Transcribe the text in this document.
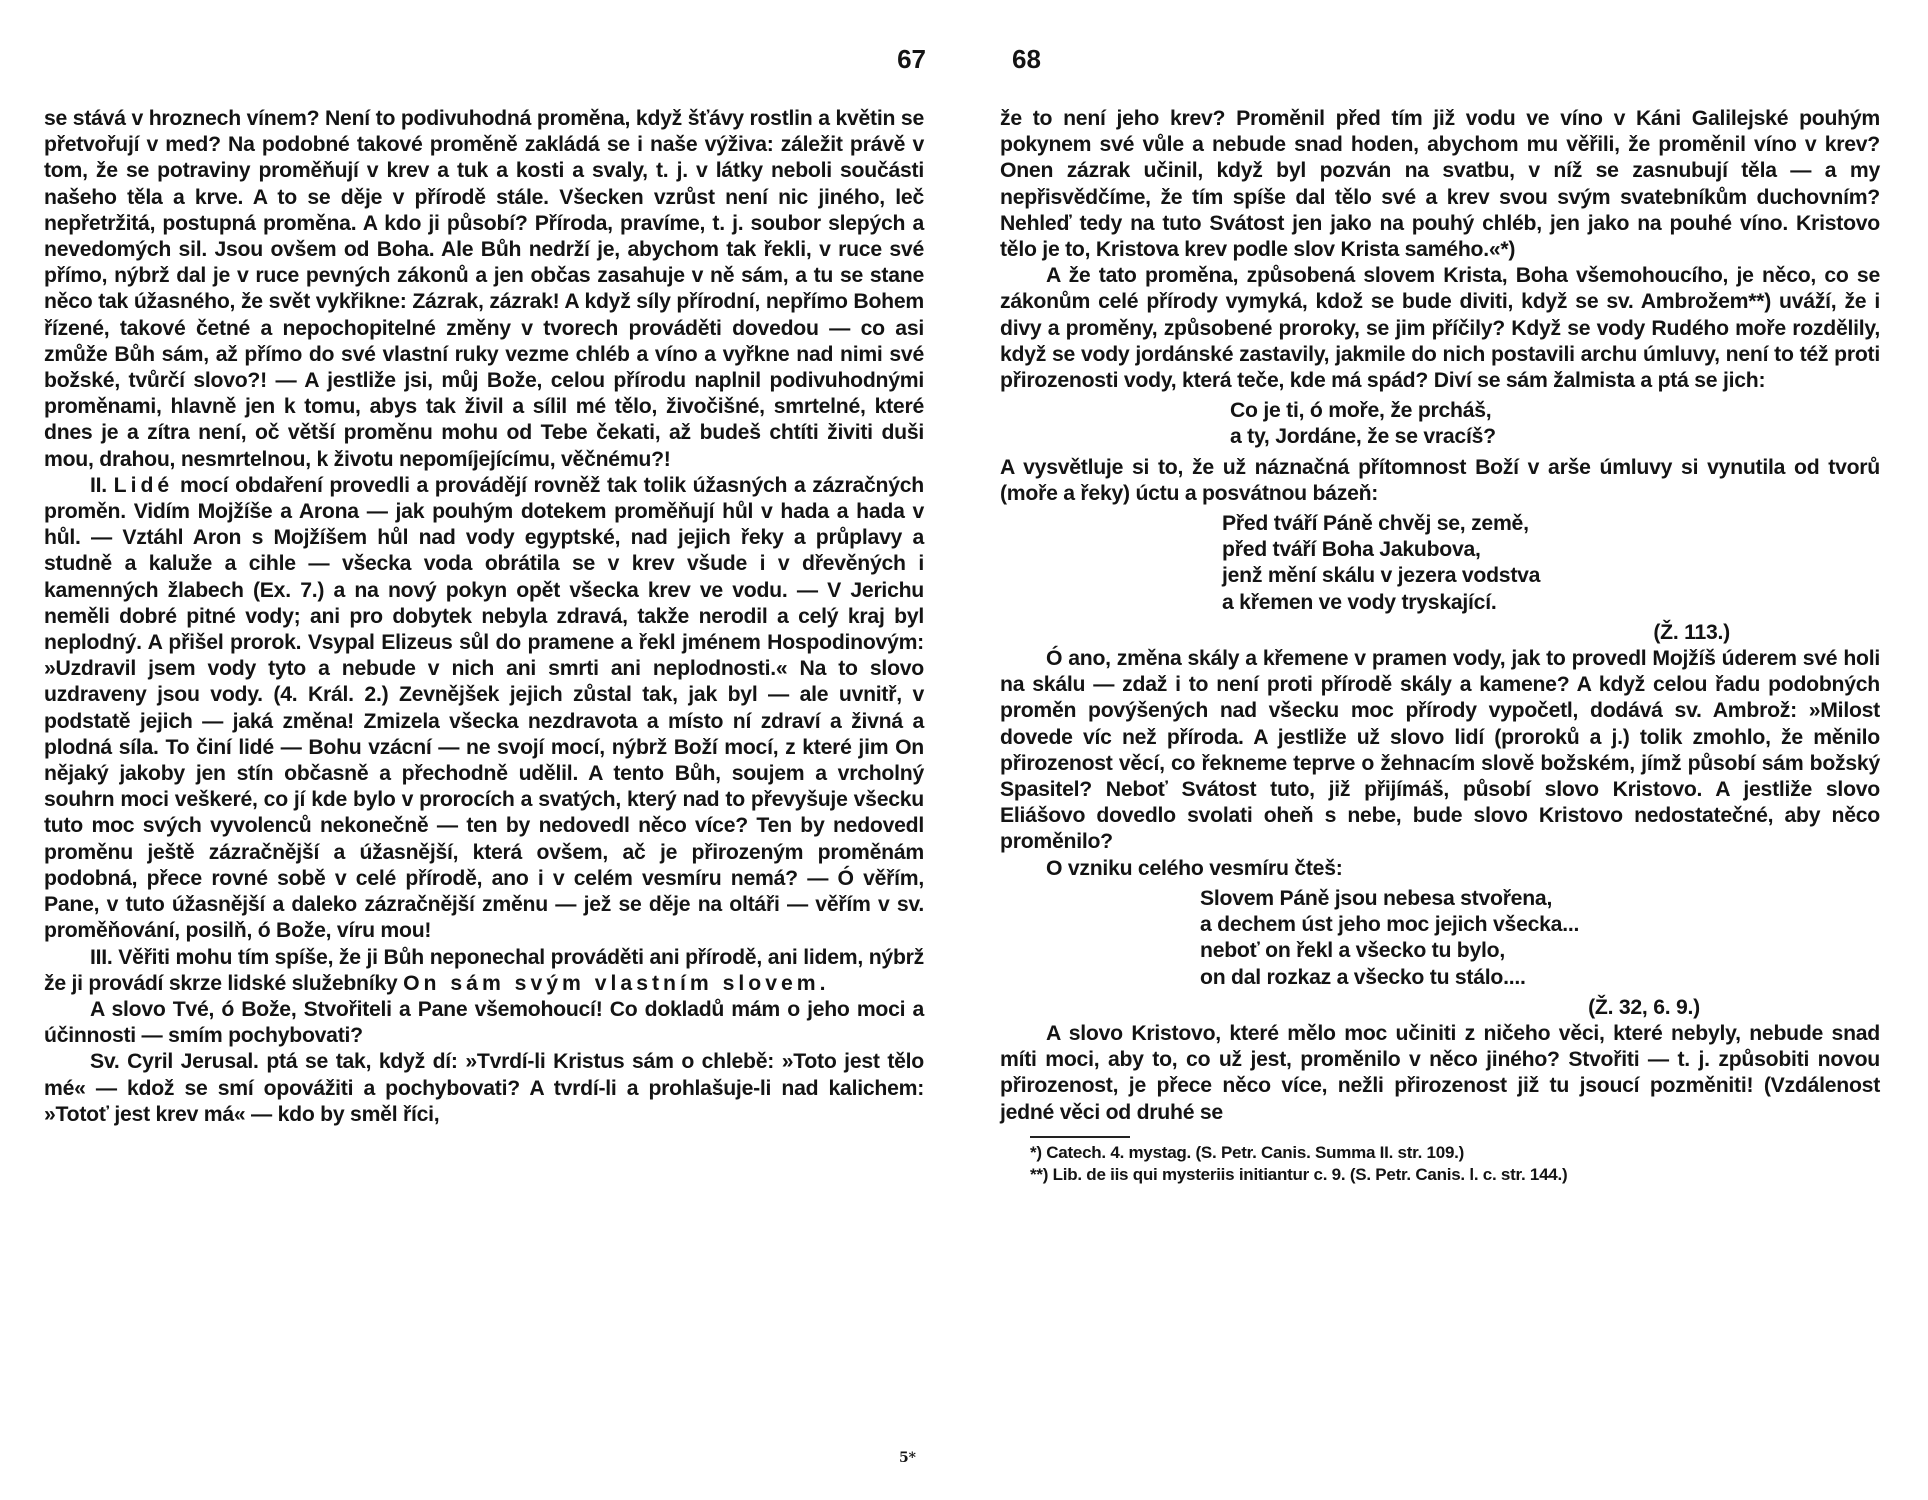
67

se stává v hroznech vínem? Není to podivuhodná proměna, když šťávy rostlin a květin se přetvořují v med? Na podobné takové proměně zakládá se i naše výživa: záležit právě v tom, že se potraviny proměňují v krev a tuk a kosti a svaly, t. j. v látky neboli součásti našeho těla a krve. A to se děje v přírodě stále. Všecken vzrůst není nic jiného, leč nepřetržitá, postupná proměna. A kdo ji působí? Příroda, pravíme, t. j. soubor slepých a nevedomých sil. Jsou ovšem od Boha. Ale Bůh nedrží je, abychom tak řekli, v ruce své přímo, nýbrž dal je v ruce pevných zákonů a jen občas zasahuje v ně sám, a tu se stane něco tak úžasného, že svět vykřikne: Zázrak, zázrak! A když síly přírodní, nepřímo Bohem řízené, takové četné a nepochopitelné změny v tvorech prováděti dovedou — co asi zmůže Bůh sám, až přímo do své vlastní ruky vezme chléb a víno a vyřkne nad nimi své božské, tvůrčí slovo?! — A jestliže jsi, můj Bože, celou přírodu naplnil podivuhodnými proměnami, hlavně jen k tomu, abys tak živil a sílil mé tělo, živočišné, smrtelné, které dnes je a zítra není, oč větší proměnu mohu od Tebe čekati, až budeš chtíti živiti duši mou, drahou, nesmrtelnou, k životu nepomíjejícímu, věčnému?!

II. Lidé mocí obdaření provedli a provádějí rovněž tak tolik úžasných a zázračných proměn. Vidím Mojžíše a Arona — jak pouhým dotekem proměňují hůl v hada a hada v hůl. — Vztáhl Aron s Mojžíšem hůl nad vody egyptské, nad jejich řeky a průplavy a studně a kaluže a cihle — všecka voda obrátila se v krev všude i v dřevěných i kamenných žlabech (Ex. 7.) a na nový pokyn opět všecka krev ve vodu. — V Jerichu neměli dobré pitné vody; ani pro dobytek nebyla zdravá, takže nerodil a celý kraj byl neplodný. A přišel prorok. Vsypal Elizeus sůl do pramene a řekl jménem Hospodinovým: »Uzdravil jsem vody tyto a nebude v nich ani smrti ani neplodnosti.« Na to slovo uzdraveny jsou vody. (4. Král. 2.) Zevnějšek jejich zůstal tak, jak byl — ale uvnitř, v podstatě jejich — jaká změna! Zmizela všecka nezdravota a místo ní zdraví a živná a plodná síla. To činí lidé — Bohu vzácní — ne svojí mocí, nýbrž Boží mocí, z které jim On nějaký jakoby jen stín občasně a přechodně udělil. A tento Bůh, soujem a vrcholný souhrn moci veškeré, co jí kde bylo v prorocích a svatých, který nad to převyšuje všecku tuto moc svých vyvolenců nekonečně — ten by nedovedl něco více? Ten by nedovedl proměnu ještě zázračnější a úžasnější, která ovšem, ač je přirozeným proměnám podobná, přece rovné sobě v celé přírodě, ano i v celém vesmíru nemá? — Ó věřím, Pane, v tuto úžasnější a daleko zázračnější změnu — jež se děje na oltáři — věřím v sv. proměňování, posilň, ó Bože, víru mou!

III. Věřiti mohu tím spíše, že ji Bůh neponechal prováděti ani přírodě, ani lidem, nýbrž že ji provádí skrze lidské služebníky On sám svým vlastním slovem.

A slovo Tvé, ó Bože, Stvořiteli a Pane všemohoucí! Co dokladů mám o jeho moci a účinnosti — smím pochybovati?

Sv. Cyril Jerusal. ptá se tak, když dí: »Tvrdí-li Kristus sám o chlebě: »Toto jest tělo mé« — kdož se smí opovážiti a pochybovati? A tvrdí-li a prohlašuje-li nad kalichem: »Totoť jest krev má« — kdo by směl říci,

5*
68

že to není jeho krev? Proměnil před tím již vodu ve víno v Káni Galilejské pouhým pokynem své vůle a nebude snad hoden, abychom mu věřili, že proměnil víno v krev? Onen zázrak učinil, když byl pozván na svatbu, v níž se zasnubují těla — a my nepřisvědčíme, že tím spíše dal tělo své a krev svou svým svatebníkům duchovním? Nehleď tedy na tuto Svátost jen jako na pouhý chléb, jen jako na pouhé víno. Kristovo tělo je to, Kristova krev podle slov Krista samého.«*)

A že tato proměna, způsobená slovem Krista, Boha všemohoucího, je něco, co se zákonům celé přírody vymyká, kdož se bude diviti, když se sv. Ambrožem**) uváží, že i divy a proměny, způsobené proroky, se jim příčily? Když se vody Rudého moře rozdělily, když se vody jordánské zastavily, jakmile do nich postavili archu úmluvy, není to též proti přirozenosti vody, která teče, kde má spád? Diví se sám žalmista a ptá se jich:

Co je ti, ó moře, že prcháš,
a ty, Jordáne, že se vracíš?

A vysvětluje si to, že už náznačná přítomnost Boží v arše úmluvy si vynutila od tvorů (moře a řeky) úctu a posvátnou bázeň:

Před tváří Páně chvěj se, země,
před tváří Boha Jakubova,
jenž mění skálu v jezera vodstva
a křemen ve vody tryskající.
(Ž. 113.)

Ó ano, změna skály a křemene v pramen vody, jak to provedl Mojžíš úderem své holi na skálu — zdaž i to není proti přírodě skály a kamene? A když celou řadu podobných proměn povýšených nad všecku moc přírody vypočetl, dodává sv. Ambrož: »Milost dovede víc než příroda. A jestliže už slovo lidí (proroků a j.) tolik zmohlo, že měnilo přirozenost věcí, co řekneme teprve o žehnacím slově božském, jímž působí sám božský Spasitel? Neboť Svátost tuto, již přijímáš, působí slovo Kristovo. A jestliže slovo Eliášovo dovedlo svolati oheň s nebe, bude slovo Kristovo nedostatečné, aby něco proměnilo?

O vzniku celého vesmíru čteš:

Slovem Páně jsou nebesa stvořena,
a dechem úst jeho moc jejich všecka...
neboť on řekl a všecko tu bylo,
on dal rozkaz a všecko tu stálo....
(Ž. 32, 6. 9.)

A slovo Kristovo, které mělo moc učiniti z ničeho věci, které nebyly, nebude snad míti moci, aby to, co už jest, proměnilo v něco jiného? Stvořiti — t. j. způsobiti novou přirozenost, je přece něco více, nežli přirozenost již tu jsoucí pozměniti! (Vzdálenost jedné věci od druhé se

*) Catech. 4. mystag. (S. Petr. Canis. Summa II. str. 109.)
**) Lib. de iis qui mysteriis initiantur c. 9. (S. Petr. Canis. l. c. str. 144.)
